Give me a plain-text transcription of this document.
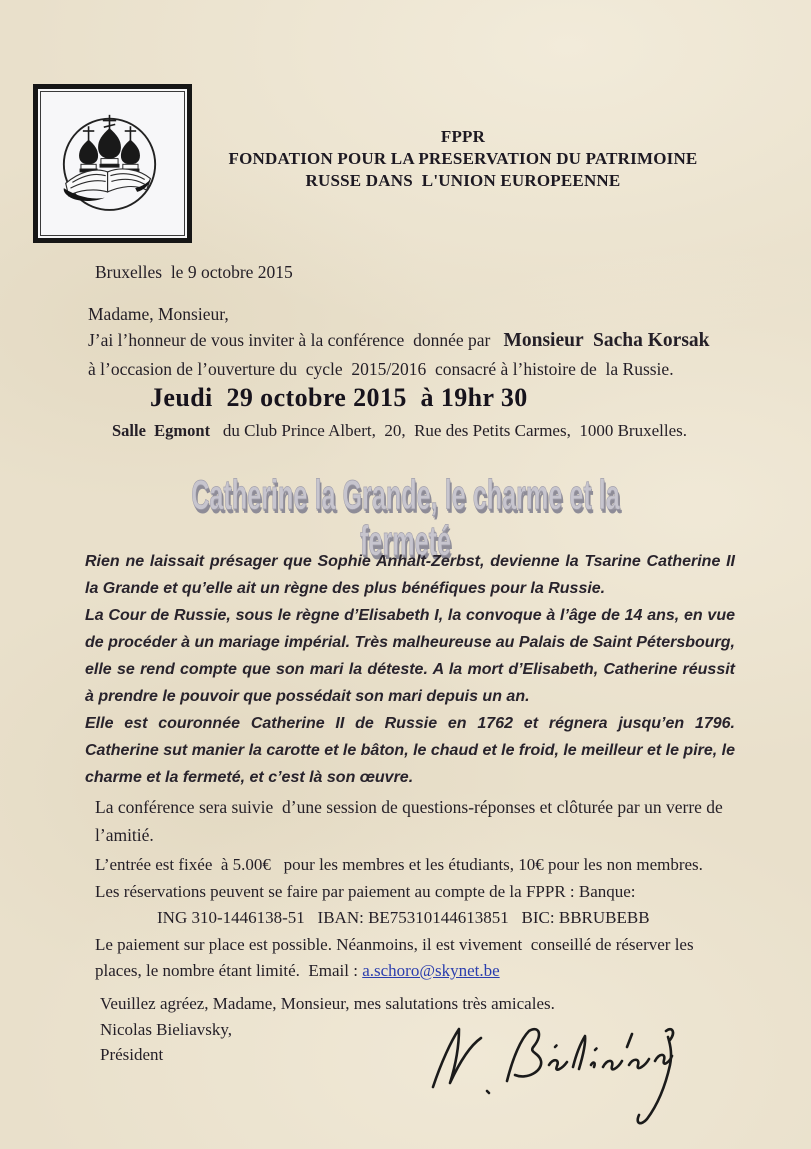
FPPR
FONDATION POUR LA PRESERVATION DU PATRIMOINE
RUSSE DANS  L'UNION EUROPEENNE
Bruxelles  le 9 octobre 2015
Madame, Monsieur,
J’ai l’honneur de vous inviter à la conférence  donnée par   Monsieur  Sacha Korsak
à l’occasion de l’ouverture du  cycle  2015/2016  consacré à l’histoire de  la Russie.
Jeudi  29 octobre 2015  à 19hr 30
Salle  Egmont   du Club Prince Albert,  20,  Rue des Petits Carmes,  1000 Bruxelles.
Catherine la Grande, le charme et la fermeté

Rien ne laissait présager que Sophie Anhalt-Zerbst, devienne la Tsarine Catherine II la Grande et qu’elle ait un règne des plus bénéfiques pour la Russie.

La Cour de Russie, sous le règne d’Elisabeth I, la convoque à l’âge de 14 ans, en vue de procéder à un mariage impérial. Très malheureuse au Palais de Saint Pétersbourg, elle se rend compte que son mari la déteste. A la mort d’Elisabeth, Catherine réussit à prendre le pouvoir que possédait son mari depuis un an.

Elle est couronnée Catherine II de Russie en 1762 et régnera jusqu’en 1796. Catherine sut manier la carotte et le bâton, le chaud et le froid, le meilleur et le pire, le charme et la fermeté, et c’est là son œuvre.

La conférence sera suivie  d’une session de questions-réponses et clôturée par un verre de
l’amitié.
L’entrée est fixée  à 5.00€   pour les membres et les étudiants, 10€ pour les non membres.
Les réservations peuvent se faire par paiement au compte de la FPPR : Banque:
ING 310-1446138-51   IBAN: BE75310144613851   BIC: BBRUBEBB
Le paiement sur place est possible. Néanmoins, il est vivement  conseillé de réserver les
places, le nombre étant limité.  Email : a.schoro@skynet.be
Veuillez agréez, Madame, Monsieur, mes salutations très amicales.
Nicolas Bieliavsky,
Président
